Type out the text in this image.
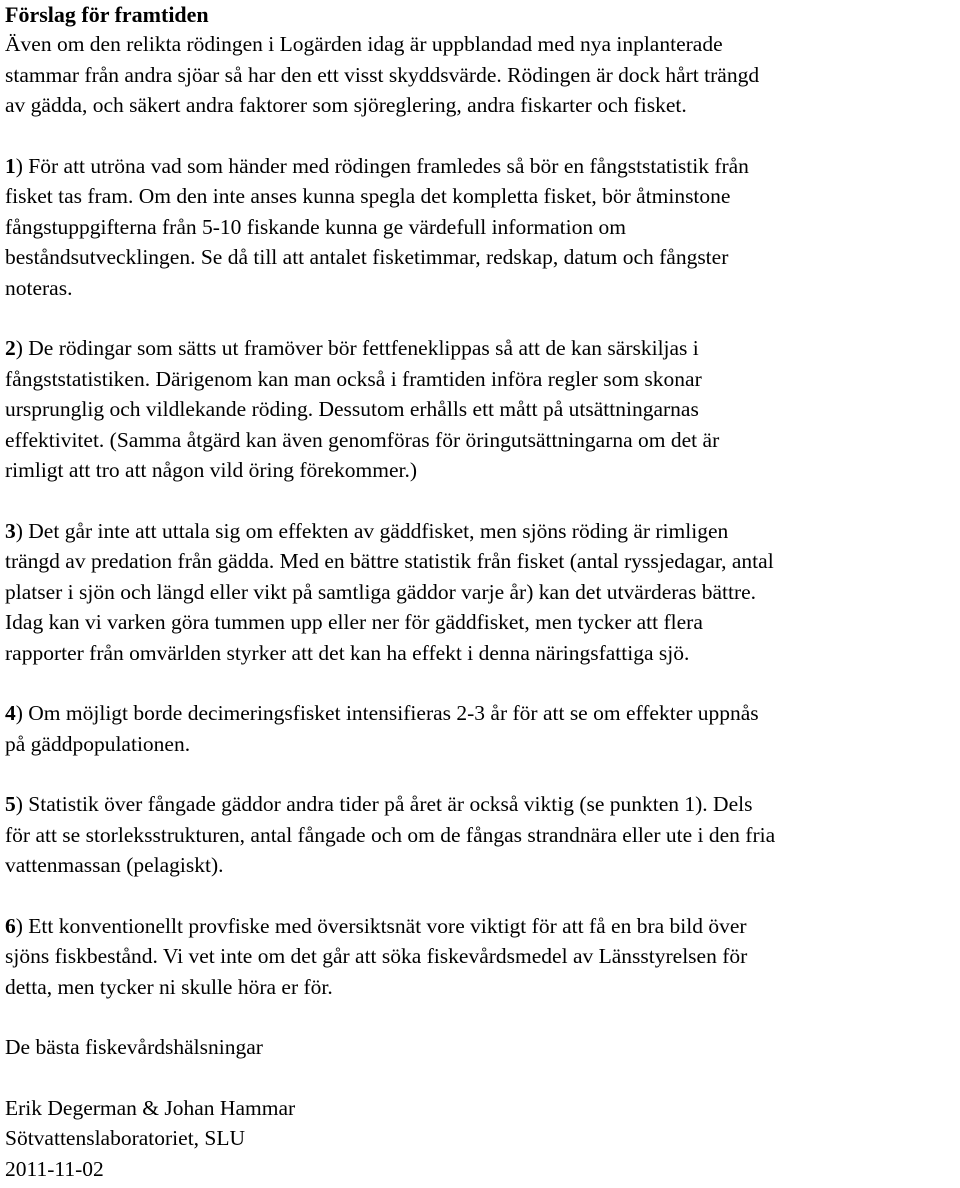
Förslag för framtiden

Även om den relikta rödingen i Logärden idag är uppblandad med nya inplanterade
stammar från andra sjöar så har den ett visst skyddsvärde. Rödingen är dock hårt trängd
av gädda, och säkert andra faktorer som sjöreglering, andra fiskarter och fisket.

1) För att utröna vad som händer med rödingen framledes så bör en fångststatistik från
fisket tas fram. Om den inte anses kunna spegla det kompletta fisket, bör åtminstone
fångstuppgifterna från 5-10 fiskande kunna ge värdefull information om
beståndsutvecklingen. Se då till att antalet fisketimmar, redskap, datum och fångster
noteras.

2) De rödingar som sätts ut framöver bör fettfeneklippas så att de kan särskiljas i
fångststatistiken. Därigenom kan man också i framtiden införa regler som skonar
ursprunglig och vildlekande röding. Dessutom erhålls ett mått på utsättningarnas
effektivitet. (Samma åtgärd kan även genomföras för öringutsättningarna om det är
rimligt att tro att någon vild öring förekommer.)

3) Det går inte att uttala sig om effekten av gäddfisket, men sjöns röding är rimligen
trängd av predation från gädda. Med en bättre statistik från fisket (antal ryssjedagar, antal
platser i sjön och längd eller vikt på samtliga gäddor varje år) kan det utvärderas bättre.
Idag kan vi varken göra tummen upp eller ner för gäddfisket, men tycker att flera
rapporter från omvärlden styrker att det kan ha effekt i denna näringsfattiga sjö.

4) Om möjligt borde decimeringsfisket intensifieras 2-3 år för att se om effekter uppnås
på gäddpopulationen.

5) Statistik över fångade gäddor andra tider på året är också viktig (se punkten 1). Dels
för att se storleksstrukturen, antal fångade och om de fångas strandnära eller ute i den fria
vattenmassan (pelagiskt).

6) Ett konventionellt provfiske med översiktsnät vore viktigt för att få en bra bild över
sjöns fiskbestånd. Vi vet inte om det går att söka fiskevårdsmedel av Länsstyrelsen för
detta, men tycker ni skulle höra er för.

De bästa fiskevårdshälsningar

Erik Degerman & Johan Hammar
Sötvattenslaboratoriet, SLU
2011-11-02
